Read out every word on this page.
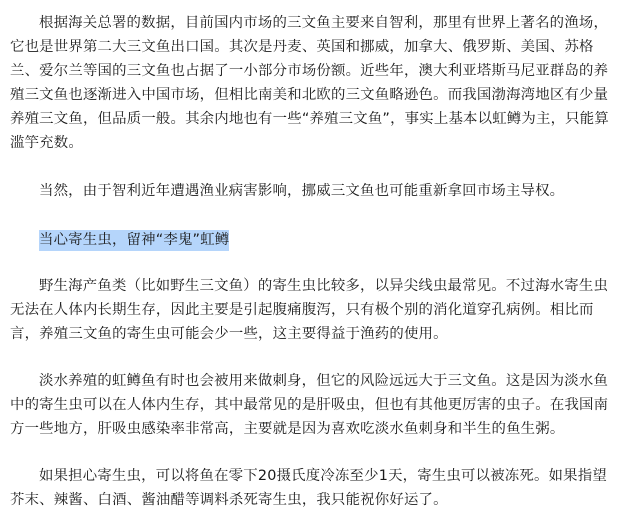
根据海关总署的数据，目前国内市场的三文鱼主要来自智利，那里有世界上著名的渔场，它也是世界第二大三文鱼出口国。其次是丹麦、英国和挪威，加拿大、俄罗斯、美国、苏格兰、爱尔兰等国的三文鱼也占据了一小部分市场份额。近些年，澳大利亚塔斯马尼亚群岛的养殖三文鱼也逐渐进入中国市场，但相比南美和北欧的三文鱼略逊色。而我国渤海湾地区有少量养殖三文鱼，但品质一般。其余内地也有一些“养殖三文鱼”，事实上基本以虹鳟为主，只能算滥竽充数。

当然，由于智利近年遭遇渔业病害影响，挪威三文鱼也可能重新拿回市场主导权。

当心寄生虫，留神“李鬼”虹鳟

野生海产鱼类（比如野生三文鱼）的寄生虫比较多，以异尖线虫最常见。不过海水寄生虫无法在人体内长期生存，因此主要是引起腹痛腹泻，只有极个别的消化道穿孔病例。相比而言，养殖三文鱼的寄生虫可能会少一些，这主要得益于渔药的使用。

淡水养殖的虹鳟鱼有时也会被用来做刺身，但它的风险远远大于三文鱼。这是因为淡水鱼中的寄生虫可以在人体内生存，其中最常见的是肝吸虫，但也有其他更厉害的虫子。在我国南方一些地方，肝吸虫感染率非常高，主要就是因为喜欢吃淡水鱼刺身和半生的鱼生粥。

如果担心寄生虫，可以将鱼在零下20摄氏度冷冻至少1天，寄生虫可以被冻死。如果指望芥末、辣酱、白酒、酱油醋等调料杀死寄生虫，我只能祝你好运了。
